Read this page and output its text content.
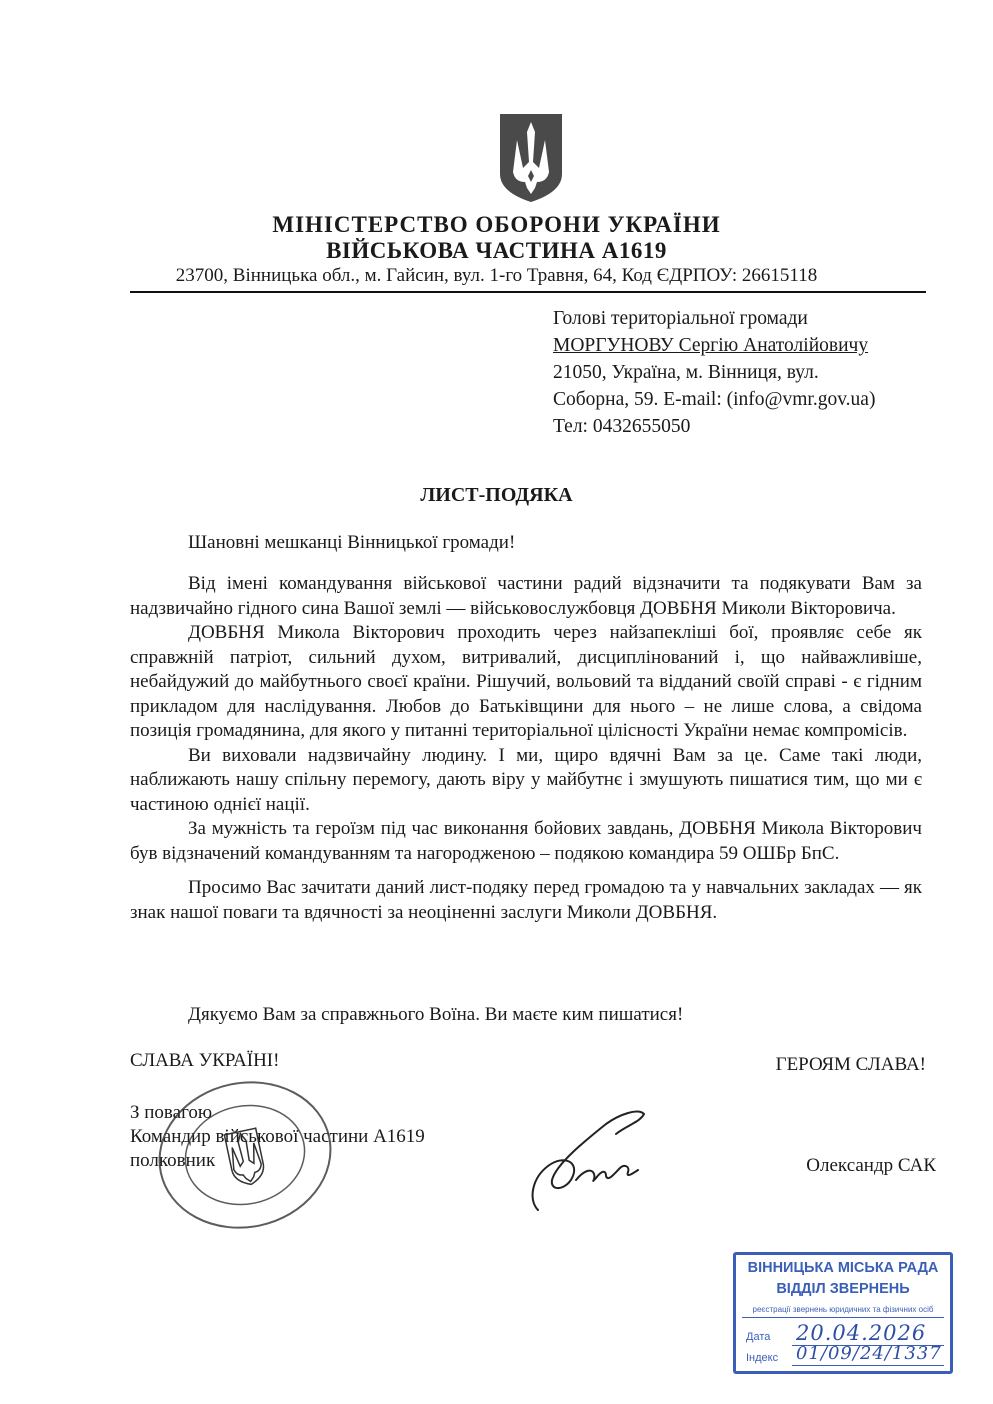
МІНІСТЕРСТВО ОБОРОНИ УКРАЇНИ
ВІЙСЬКОВА ЧАСТИНА А1619
23700, Вінницька обл., м. Гайсин, вул. 1-го Травня, 64, Код ЄДРПОУ: 26615118
Голові територіальної громади
МОРГУНОВУ Сергію Анатолійовичу
21050, Україна, м. Вінниця, вул.
Соборна, 59. E-mail: (info@vmr.gov.ua)
Тел: 0432655050
ЛИСТ-ПОДЯКА
Шановні мешканці Вінницької громади!

Від імені командування військової частини радий відзначити та подякувати Вам за надзвичайно гідного сина Вашої землі — військовослужбовця ДОВБНЯ Миколи Вікторовича.

ДОВБНЯ Микола Вікторович проходить через найзапекліші бої, проявляє себе як справжній патріот, сильний духом, витривалий, дисциплінований і, що найважливіше, небайдужий до майбутнього своєї країни. Рішучий, вольовий та відданий своїй справі - є гідним прикладом для наслідування. Любов до Батьківщини для нього – не лише слова, а свідома позиція громадянина, для якого у питанні територіальної цілісності України немає компромісів.

Ви виховали надзвичайну людину. І ми, щиро вдячні Вам за це. Саме такі люди, наближають нашу спільну перемогу, дають віру у майбутнє і змушують пишатися тим, що ми є частиною однієї нації.

За мужність та героїзм під час виконання бойових завдань, ДОВБНЯ Микола Вікторович був відзначений командуванням та нагородженою – подякою командира 59 ОШБр БпС.

Просимо Вас зачитати даний лист-подяку перед громадою та у навчальних закладах — як знак нашої поваги та вдячності за неоціненні заслуги Миколи ДОВБНЯ.

Дякуємо Вам за справжнього Воїна. Ви маєте ким пишатися!
СЛАВА УКРАЇНІ!	ГЕРОЯМ СЛАВА!
З повагою
Командир військової частини А1619
полковник	Олександр САК
ВІННИЦЬКА МІСЬКА РАДА
ВІДДІЛ ЗВЕРНЕНЬ
реєстрації звернень юридичних та фізичних осіб
Дата 20.04.2026
Індекс 01/09/24/1337
